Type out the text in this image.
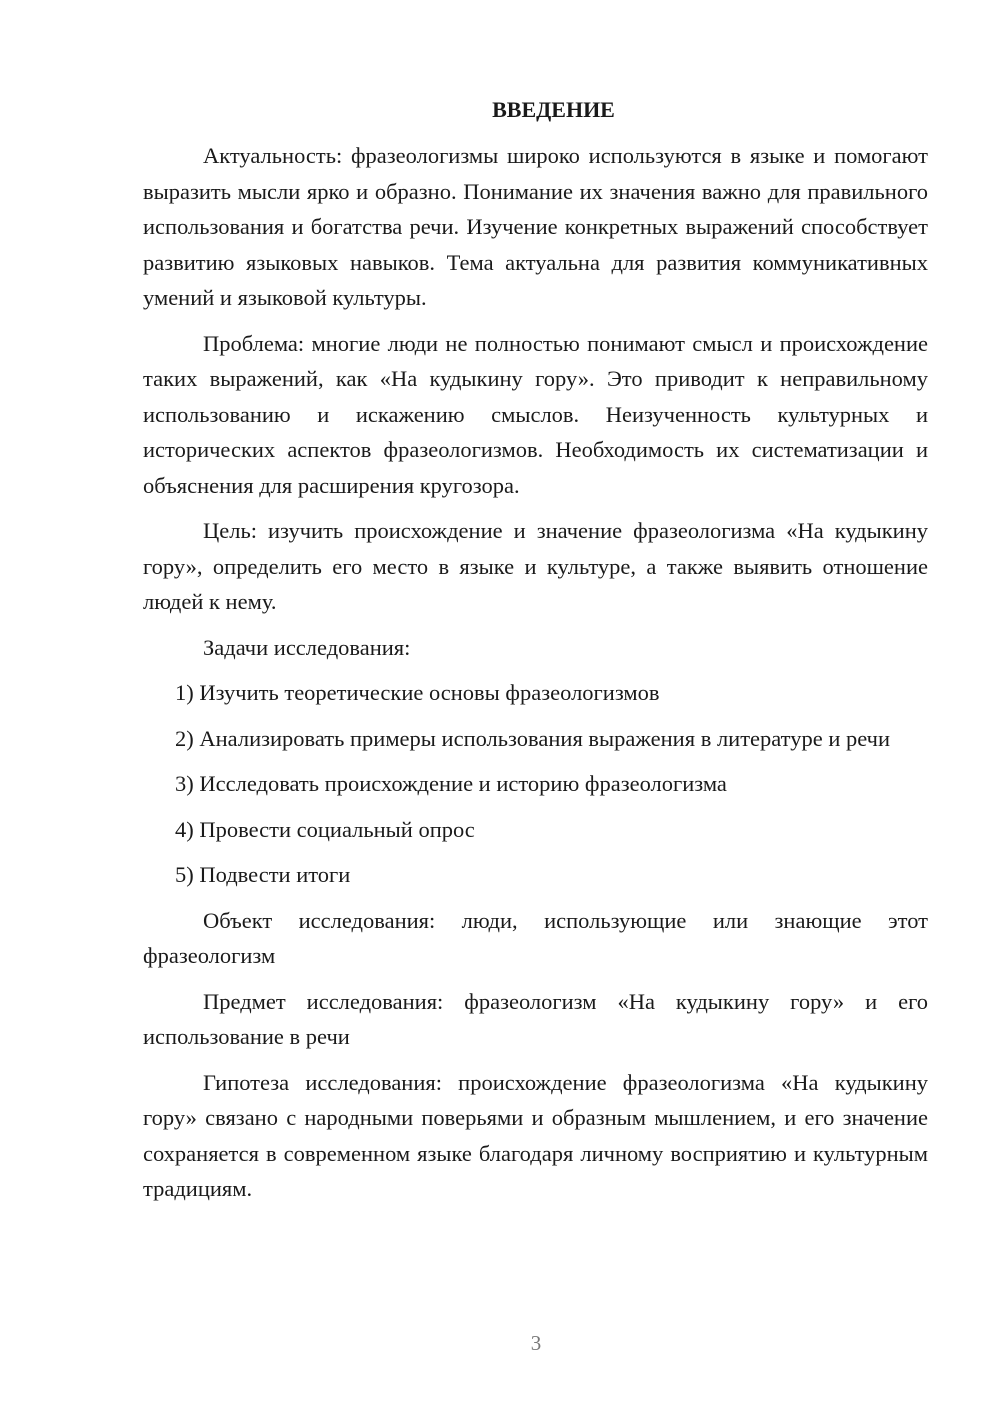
ВВЕДЕНИЕ

Актуальность: фразеологизмы широко используются в языке и помогают выразить мысли ярко и образно. Понимание их значения важно для правильного использования и богатства речи. Изучение конкретных выражений способствует развитию языковых навыков. Тема актуальна для развития коммуникативных умений и языковой культуры.

Проблема: многие люди не полностью понимают смысл и происхождение таких выражений, как «На кудыкину гору». Это приводит к неправильному использованию и искажению смыслов. Неизученность культурных и исторических аспектов фразеологизмов. Необходимость их систематизации и объяснения для расширения кругозора.

Цель: изучить происхождение и значение фразеологизма «На кудыкину гору», определить его место в языке и культуре, а также выявить отношение людей к нему.

Задачи исследования:

1) Изучить теоретические основы фразеологизмов

2) Анализировать примеры использования выражения в литературе и речи

3) Исследовать происхождение и историю фразеологизма

4) Провести социальный опрос

5) Подвести итоги

Объект исследования: люди, использующие или знающие этот фразеологизм

Предмет исследования: фразеологизм «На кудыкину гору» и его использование в речи

Гипотеза исследования: происхождение фразеологизма «На кудыкину гору» связано с народными поверьями и образным мышлением, и его значение сохраняется в современном языке благодаря личному восприятию и культурным традициям.

3
